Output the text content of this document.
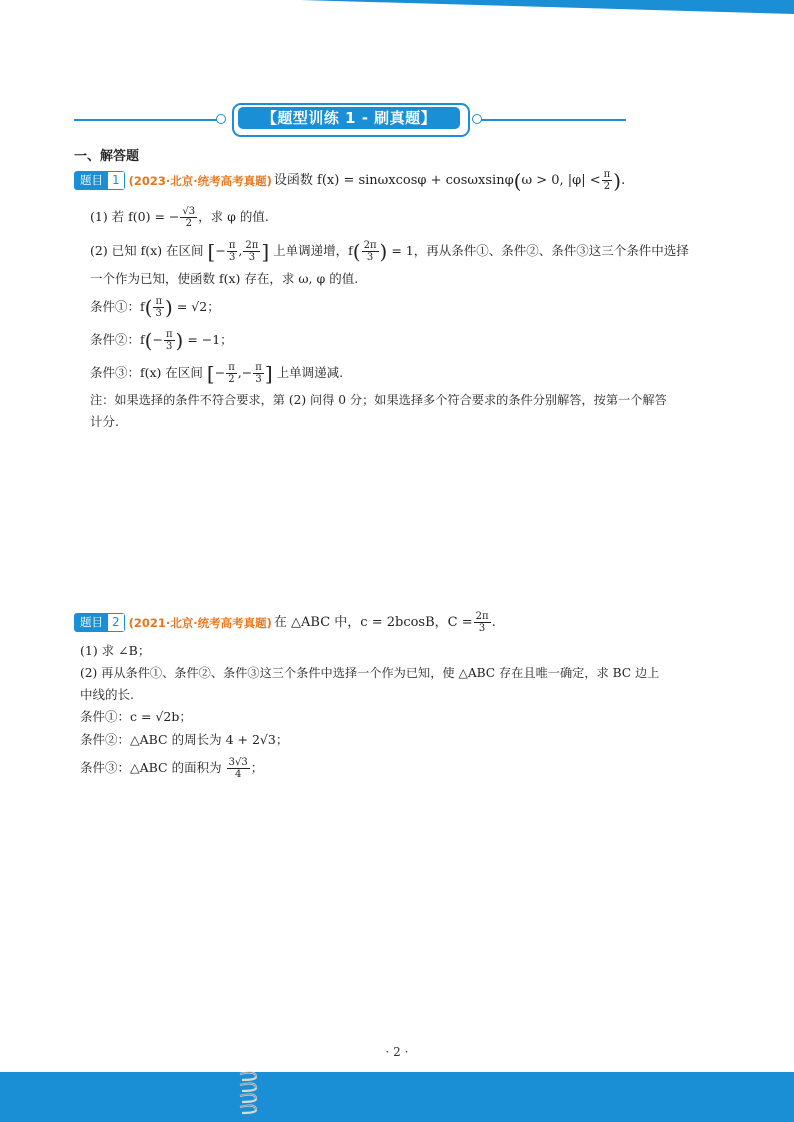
【题型训练 1 - 刷真题】
一、解答题
题目 1 (2023·北京·统考高考真题) 设函数 f(x) = sinωxcosφ + cosωxsinφ ( ω > 0, $|\varphi| < \frac{\pi}{2}$ ) .
(1) 若 f(0) = − $\frac{√3}{2}$ ，求 φ 的值.
(2) 已知 f(x) 在区间 [− $\frac{\pi}{3}$ , $\frac{2\pi}{3}$ ] 上单调递增，$f( \frac{2\pi}{3}$ ) = 1，再从条件①、条件②、条件③这三个条件中选择
一个作为已知，使函数 f(x) 存在，求 ω, φ 的值.
条件①：$f( \frac{\pi}{3}$ ) = √2；
条件②：$f(- \frac{\pi}{3}$ ) = −1；
条件③：f(x) 在区间 [− $\frac{\pi}{2}$ ,− $\frac{\pi}{3}$ ] 上单调递减.
注：如果选择的条件不符合要求，第 (2) 问得 0 分；如果选择多个符合要求的条件分别解答，按第一个解答
计分.
题目 2 (2021·北京·统考高考真题) 在 △ABC 中，c = 2bcosB，$C = \frac{2\pi}{3}$ .
(1) 求 ∠B；
(2) 再从条件①、条件②、条件③这三个条件中选择一个作为已知，使 △ABC 存在且唯一确定，求 BC 边上
中线的长.
条件①：c = √2b；
条件②：△ABC 的周长为 4 + 2√3；
条件③：△ABC 的面积为 $\frac{3√3}{4}$ ；
· 2 ·
